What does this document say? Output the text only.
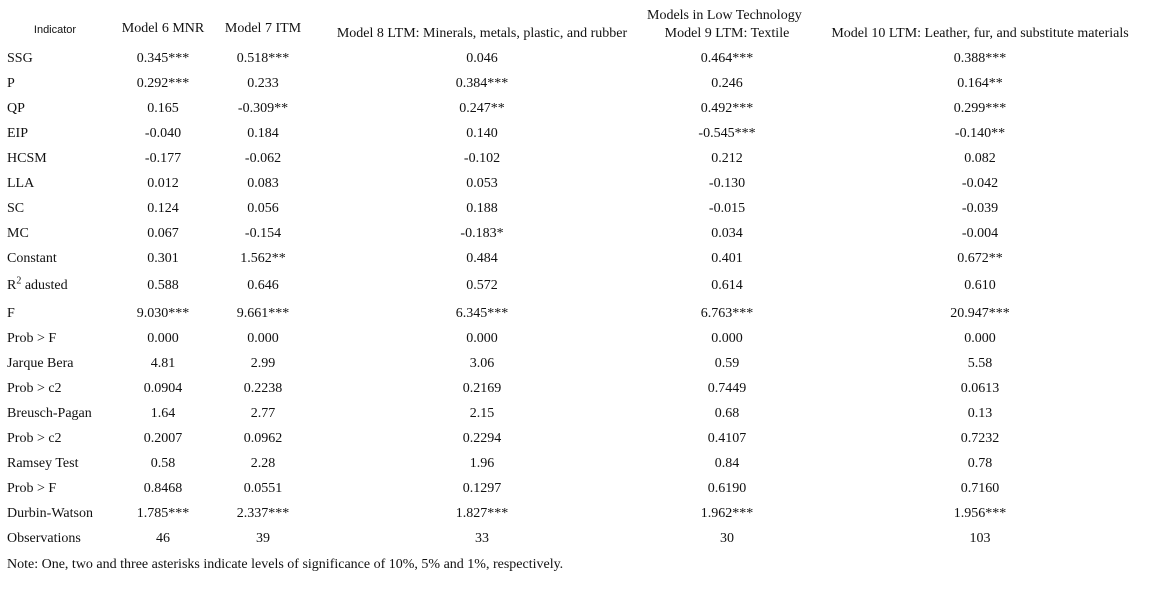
Indicator	Model 6 MNR	Model 7 ITM	Models in Low Technology		
			Model 8 LTM: Minerals, metals, plastic, and rubber	Model 9 LTM: Textile	Model 10 LTM: Leather, fur, and substitute materials
SSG	0.345***	0.518***	0.046	0.464***	0.388***
P	0.292***	0.233	0.384***	0.246	0.164**
QP	0.165	-0.309**	0.247**	0.492***	0.299***
EIP	-0.040	0.184	0.140	-0.545***	-0.140**
HCSM	-0.177	-0.062	-0.102	0.212	0.082
LLA	0.012	0.083	0.053	-0.130	-0.042
SC	0.124	0.056	0.188	-0.015	-0.039
MC	0.067	-0.154	-0.183*	0.034	-0.004
Constant	0.301	1.562**	0.484	0.401	0.672**
$R^2$ adusted	0.588	0.646	0.572	0.614	0.610
F	9.030***	9.661***	6.345***	6.763***	20.947***
Prob > F	0.000	0.000	0.000	0.000	0.000
Jarque Bera	4.81	2.99	3.06	0.59	5.58
Prob > c2	0.0904	0.2238	0.2169	0.7449	0.0613
Breusch-Pagan	1.64	2.77	2.15	0.68	0.13
Prob > c2	0.2007	0.0962	0.2294	0.4107	0.7232
Ramsey Test	0.58	2.28	1.96	0.84	0.78
Prob > F	0.8468	0.0551	0.1297	0.6190	0.7160
Durbin-Watson	1.785***	2.337***	1.827***	1.962***	1.956***
Observations	46	39	33	30	103
Note: One, two and three asterisks indicate levels of significance of 10%, 5% and 1%, respectively.
